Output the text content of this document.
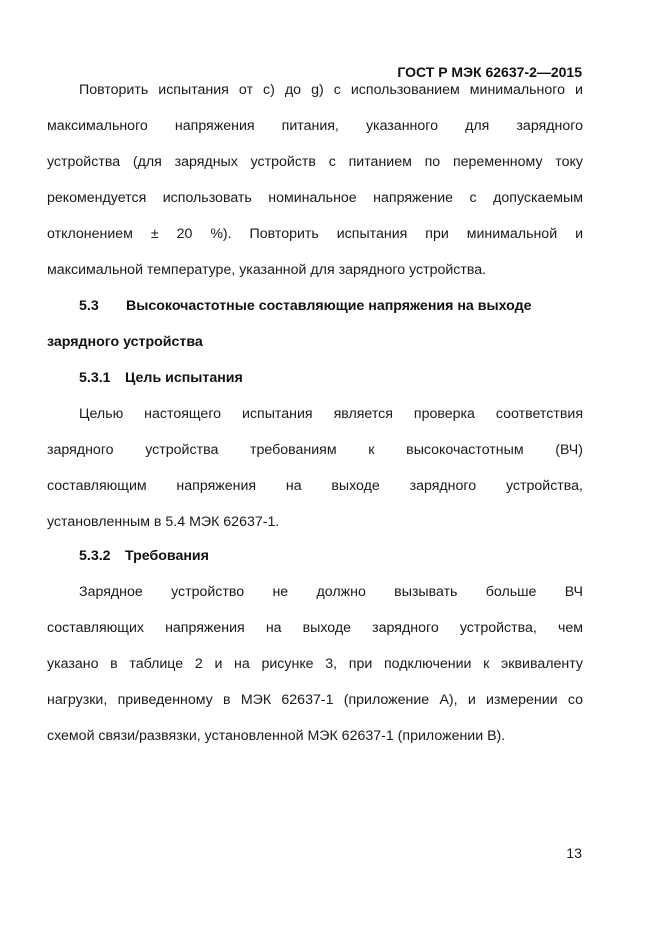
ГОСТ Р МЭК 62637-2—2015
Повторить испытания от c) до g) с использованием минимального и
максимального напряжения питания, указанного для зарядного
устройства (для зарядных устройств с питанием по переменному току
рекомендуется использовать номинальное напряжение с допускаемым
отклонением ± 20 %). Повторить испытания при минимальной и
максимальной температуре, указанной для зарядного устройства.
5.3 Высокочастотные составляющие напряжения на выходе
зарядного устройства
5.3.1 Цель испытания
Целью настоящего испытания является проверка соответствия
зарядного устройства требованиям к высокочастотным (ВЧ)
составляющим напряжения на выходе зарядного устройства,
установленным в 5.4 МЭК 62637-1.
5.3.2 Требования
Зарядное устройство не должно вызывать больше ВЧ
составляющих напряжения на выходе зарядного устройства, чем
указано в таблице 2 и на рисунке 3, при подключении к эквиваленту
нагрузки, приведенному в МЭК 62637-1 (приложение А), и измерении со
схемой связи/развязки, установленной МЭК 62637-1 (приложении В).
13
